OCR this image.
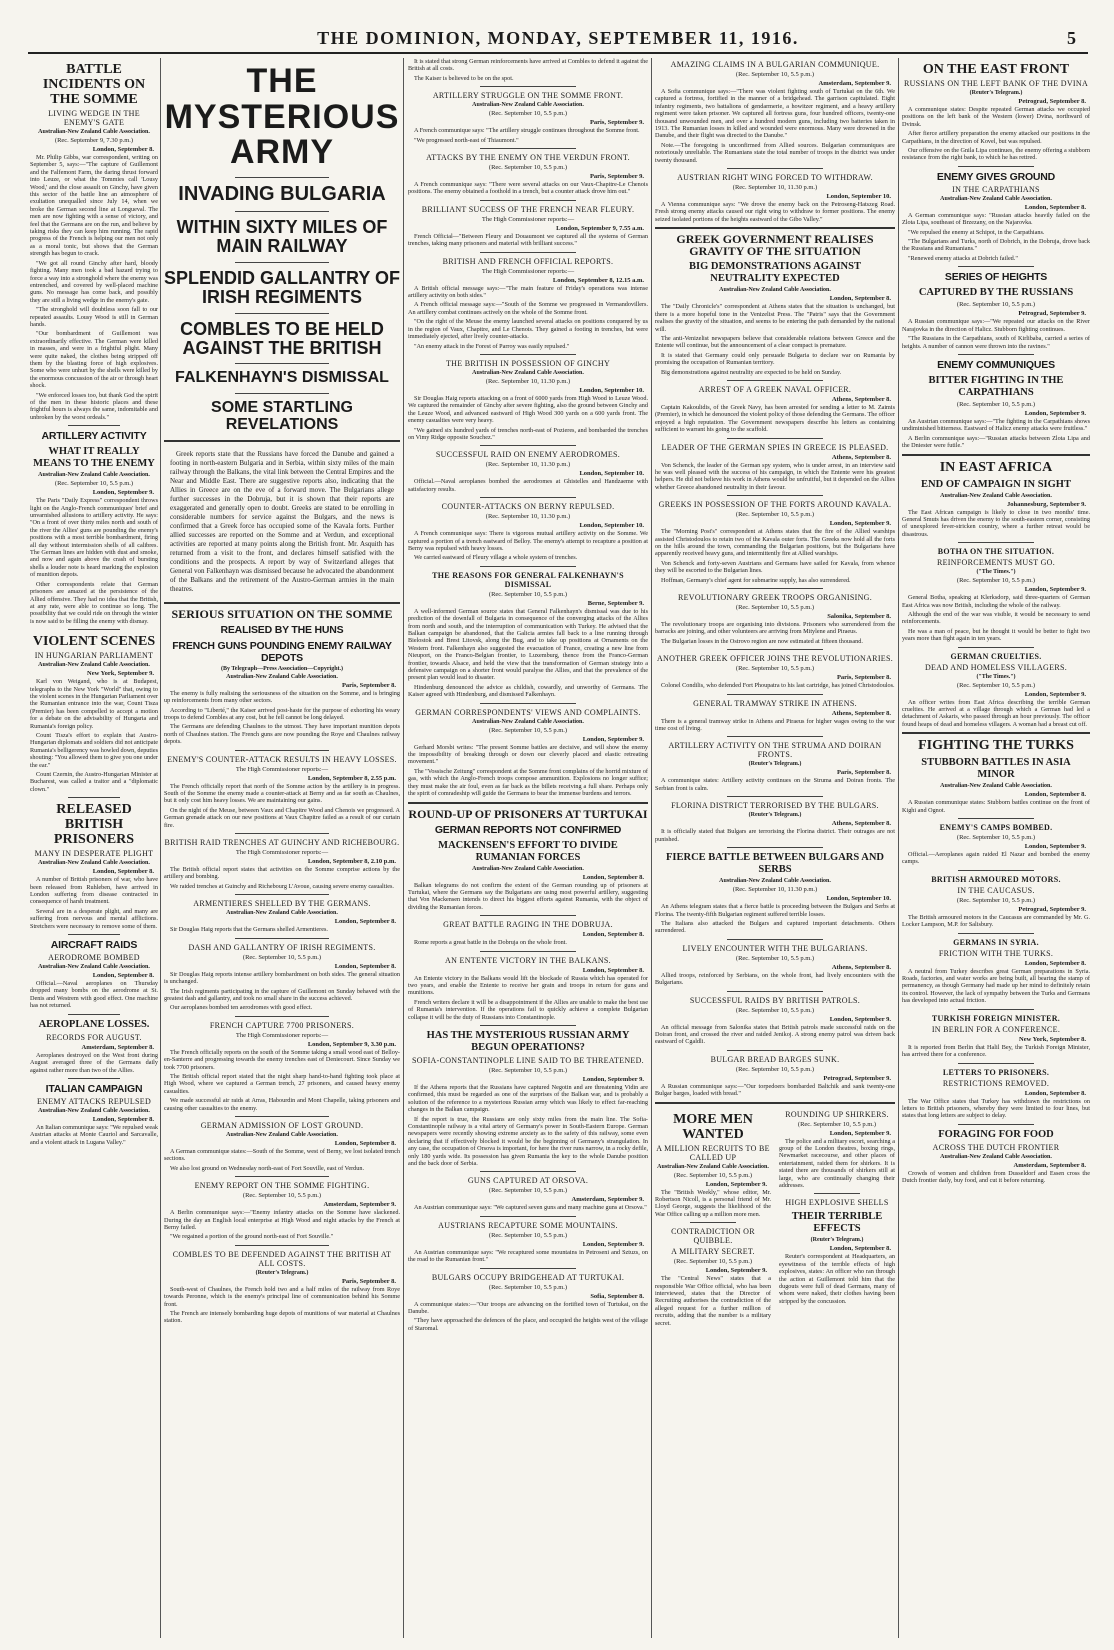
THE DOMINION, MONDAY, SEPTEMBER 11, 1916.	5
BATTLE INCIDENTS ON THE SOMME
LIVING WEDGE IN THE ENEMY'S GATE
Australian-New Zealand Cable Association.
(Rec. September 9, 7.30 p.m.)
London, September 8.

Mr. Philip Gibbs, war correspondent, writing on September 5, says:—"The capture of Guillemont and the Falfemont Farm, the daring thrust forward into Leuze, or what the Tommies call 'Lousy Wood,' and the close assault on Ginchy, have given this sector of the battle line an atmosphere of exultation unequalled since July 14, when we broke the German second line at Longueval. The men are now fighting with a sense of victory, and feel that the Germans are on the run, and believe by taking risks they can keep him running. The rapid progress of the French is helping our men not only as a moral tonic, but shows that the German strength has begun to crack.

"We got all round Ginchy after hard, bloody fighting. Many men took a bad hazard trying to force a way into a stronghold where the enemy was entrenched, and covered by well-placed machine guns. No message has come back, and possibly they are still a living wedge in the enemy's gate.

"The stronghold will doubtless soon fall to our repeated assaults. Lousy Wood is still in German hands.

"Our bombardment of Guillemont was extraordinarily effective. The German were killed in masses, and were in a frightful plight. Many were quite naked, the clothes being stripped off them by the blasting force of high explosives. Some who were unhurt by the shells were killed by the enormous concussion of the air or through heart shock.

"We enforced losses too, but thank God the spirit of the men in these historic places and these frightful hours is always the same, indomitable and unbroken by the worst ordeals."

ARTILLERY ACTIVITY
WHAT IT REALLY MEANS TO THE ENEMY
Australian-New Zealand Cable Association.
(Rec. September 10, 5.5 p.m.)
London, September 9.

The Paris "Daily Express" correspondent throws light on the Anglo-French communiques' brief and unvarnished allusions to artillery activity. He says: "On a front of over thirty miles north and south of the river the Allies' guns are pounding the enemy's positions with a most terrible bombardment, firing all day without intermission shells of all calibres. The German lines are hidden with dust and smoke, and now and again above the crash of bursting shells a louder note is heard marking the explosion of munition depots.

Other correspondents relate that German prisoners are amazed at the persistence of the Allied offensive. They had no idea that the British, at any rate, were able to continue so long. The possibility that we could ride on through the winter is now said to be filling the enemy with dismay.

VIOLENT SCENES
IN HUNGARIAN PARLIAMENT
Australian-New Zealand Cable Association.
New York, September 9.

Karl von Weigand, who is at Budapest, telegraphs to the New York "World" that, owing to the violent scenes in the Hungarian Parliament over the Rumanian entrance into the war, Count Tisza (Premier) has been compelled to accept a motion for a debate on the advisability of Hungaria and Rumania's foreign policy.

Count Tisza's effort to explain that Austro-Hungarian diplomats and soldiers did not anticipate Rumania's belligerency was howled down, deputies shouting: "You allowed them to give you one under the ear."

Count Czernin, the Austro-Hungarian Minister at Bucharest, was called a traitor and a "diplomatic clown."

RELEASED BRITISH PRISONERS
MANY IN DESPERATE PLIGHT
Australian-New Zealand Cable Association.
London, September 8.

A number of British prisoners of war, who have been released from Ruhleben, have arrived in London suffering from disease contracted in consequence of harsh treatment.

Several are in a desperate plight, and many are suffering from nervous and mental afflictions. Stretchers were necessary to remove some of them.

AIRCRAFT RAIDS
AERODROME BOMBED
Australian-New Zealand Cable Association.
London, September 8.

Official.—Naval aeroplanes on Thursday dropped many bombs on the aerodrome at St. Denis and Westrem with good effect. One machine has not returned.

AEROPLANE LOSSES.
RECORDS FOR AUGUST.
Amsterdam, September 8.

Aeroplanes destroyed on the West front during August averaged three of the Germans daily against rather more than two of the Allies.

ITALIAN CAMPAIGN
ENEMY ATTACKS REPULSED
Australian-New Zealand Cable Association.
London, September 8.

An Italian communique says: "We repulsed weak Austrian attacks at Monte Cauriol and Sarcavalle, and a violent attack in Lugana Valley."

THE MYSTERIOUS ARMY
INVADING BULGARIA
WITHIN SIXTY MILES OF MAIN RAILWAY
SPLENDID GALLANTRY OF IRISH REGIMENTS
COMBLES TO BE HELD AGAINST THE BRITISH
FALKENHAYN'S DISMISSAL
SOME STARTLING REVELATIONS

Greek reports state that the Russians have forced the Danube and gained a footing in north-eastern Bulgaria and in Serbia, within sixty miles of the main railway through the Balkans, the vital link between the Central Empires and the Near and Middle East. There are suggestive reports also, indicating that the Allies in Greece are on the eve of a forward move. The Bulgarians allege further successes in the Dobruja, but it is shown that their reports are exaggerated and generally open to doubt. Greeks are stated to be enrolling in considerable numbers for service against the Bulgars, and the news is confirmed that a Greek force has occupied some of the Kavala forts. Further allied successes are reported on the Somme and at Verdun, and exceptional activities are reported at many points along the British front. Mr. Asquith has returned from a visit to the front, and declares himself satisfied with the conditions and the prospects. A report by way of Switzerland alleges that General von Falkenhayn was dismissed because he advocated the abandonment of the Balkans and the retirement of the Austro-German armies in the main theatres.

SERIOUS SITUATION ON THE SOMME
REALISED BY THE HUNS
FRENCH GUNS POUNDING ENEMY RAILWAY DEPOTS
(By Telegraph—Press Association—Copyright.)
Australian-New Zealand Cable Association.
Paris, September 8.

The enemy is fully realising the seriousness of the situation on the Somme, and is bringing up reinforcements from many other sectors.

According to "Liberté," the Kaiser arrived post-haste for the purpose of exhorting his weary troops to defend Combles at any cost, but he fell cannot be long delayed.

The Germans are defending Chaulnes to the utmost. They have important munition depots north of Chaulnes station. The French guns are now pounding the Roye and Chaulnes railway depots.

ENEMY'S COUNTER-ATTACK RESULTS IN HEAVY LOSSES.
The High Commissioner reports:—
London, September 8, 2.55 p.m.

The French officially report that north of the Somme action by the artillery is in progress. South of the Somme the enemy made a counter-attack at Berny and as far south as Chaulnes, but it only cost him heavy losses. We are maintaining our gains.

On the night of the Meuse, between Vaux and Chapitre Wood and Chenois we progressed. A German grenade attack on our new positions at Vaux Chapitre failed as a result of our curtain fire.

BRITISH RAID TRENCHES AT GUINCHY AND RICHEBOURG.
The High Commissioner reports:—
London, September 8, 2.10 p.m.

The British official report states that activities on the Somme comprise actions by the artillery and bombing.

We raided trenches at Guinchy and Richebourg L'Avoue, causing severe enemy casualties.

ARMENTIERES SHELLED BY THE GERMANS.
Australian-New Zealand Cable Association.
London, September 8.

Sir Douglas Haig reports that the Germans shelled Armentieres.

DASH AND GALLANTRY OF IRISH REGIMENTS.
(Rec. September 10, 5.5 p.m.)
London, September 8.

Sir Douglas Haig reports intense artillery bombardment on both sides. The general situation is unchanged.

The Irish regiments participating in the capture of Guillemont on Sunday behaved with the greatest dash and gallantry, and took no small share in the success achieved.

Our aeroplanes bombed ten aerodromes with good effect.

FRENCH CAPTURE 7700 PRISONERS.
The High Commissioner reports:—
London, September 9, 3.30 p.m.

The French officially reports on the south of the Somme taking a small wood east of Belloy-en-Santerre and progressing towards the enemy trenches east of Deniecourt. Since Sunday we took 7700 prisoners.

The British official report stated that the night sharp hand-to-hand fighting took place at High Wood, where we captured a German trench, 27 prisoners, and caused heavy enemy casualties.

We made successful air raids at Arras, Habourdin and Mont Chapelle, taking prisoners and causing other casualties to the enemy.

GERMAN ADMISSION OF LOST GROUND.
Australian-New Zealand Cable Association.
London, September 8.

A German communique states:—South of the Somme, west of Berny, we lost isolated trench sections.

We also lost ground on Wednesday north-east of Fort Souville, east of Verdun.

ENEMY REPORT ON THE SOMME FIGHTING.
(Rec. September 10, 5.5 p.m.)
Amsterdam, September 9.

A Berlin communique says:—"Enemy infantry attacks on the Somme have slackened. During the day an English local enterprise at High Wood and night attacks by the French at Berny failed.

"We regained a portion of the ground north-east of Fort Souville."

COMBLES TO BE DEFENDED AGAINST THE BRITISH AT ALL COSTS.
(Reuter's Telegram.)
Paris, September 8.

South-west of Chaulnes, the French hold two and a half miles of the railway from Roye towards Peronne, which is the enemy's principal line of communication behind his Somme front.

The French are intensely bombarding huge depots of munitions of war material at Chaulnes station.

It is stated that strong German reinforcements have arrived at Combles to defend it against the British at all costs.

The Kaiser is believed to be on the spot.

ARTILLERY STRUGGLE ON THE SOMME FRONT.
Australian-New Zealand Cable Association.
(Rec. September 10, 5.5 p.m.)
Paris, September 9.

A French communique says: "The artillery struggle continues throughout the Somme front.

"We progressed north-east of Thiaumont."

ATTACKS BY THE ENEMY ON THE VERDUN FRONT.
(Rec. September 10, 5.5 p.m.)
Paris, September 9.

A French communique says: "There were several attacks on our Vaux-Chapitre-Le Chenois positions. The enemy obtained a foothold in a trench, but a counter attack drove him out."

BRILLIANT SUCCESS OF THE FRENCH NEAR FLEURY.
The High Commissioner reports:—
London, September 9, 7.55 a.m.

French Official—"Between Fleury and Douaumont we captured all the systems of German trenches, taking many prisoners and material with brilliant success."

BRITISH AND FRENCH OFFICIAL REPORTS.
The High Commissioner reports:—
London, September 8, 12.15 a.m.

A British official message says:—"The main feature of Friday's operations was intense artillery activity on both sides."

A French official message says:—"South of the Somme we progressed in Vermandovillers. An artillery combat continues actively on the whole of the Somme front.

"On the right of the Meuse the enemy launched several attacks on positions conquered by us in the region of Vaux, Chapitre, and Le Chenois. They gained a footing in trenches, but were immediately ejected, after lively counter-attacks.

"An enemy attack in the Forest of Parroy was easily repulsed."

THE BRITISH IN POSSESSION OF GINCHY
Australian-New Zealand Cable Association.
(Rec. September 10, 11.30 p.m.)
London, September 10.

Sir Douglas Haig reports attacking on a front of 6000 yards from High Wood to Leuze Wood. We captured the remainder of Ginchy after severe fighting, also the ground between Ginchy and the Leuze Wood, and advanced eastward of High Wood 300 yards on a 600 yards front. The enemy casualties were very heavy.

"We gained six hundred yards of trenches north-east of Pozieres, and bombarded the trenches on Vimy Ridge opposite Souchez."

SUCCESSFUL RAID ON ENEMY AERODROMES.
(Rec. September 10, 11.30 p.m.)
London, September 10.

Official.—Naval aeroplanes bombed the aerodromes at Ghistelles and Handzaeme with satisfactory results.

COUNTER-ATTACKS ON BERNY REPULSED.
(Rec. September 10, 11.30 p.m.)
London, September 10.

A French communique says: There is vigorous mutual artillery activity on the Somme. We captured a portion of a trench eastward of Belloy. The enemy's attempt to recapture a position at Berny was repulsed with heavy losses.

We carried eastward of Fleury village a whole system of trenches.

THE REASONS FOR GENERAL FALKENHAYN'S DISMISSAL
(Rec. September 10, 5.5 p.m.)
Berne, September 9.

A well-informed German source states that General Falkenhayn's dismissal was due to his prediction of the downfall of Bulgaria in consequence of the converging attacks of the Allies from north and south, and the interruption of communication with Turkey. He advised that the Balkan campaign be abandoned, that the Galicia armies fall back to a line running through Bielostok and Brest Litovsk, along the Bug, and to take up positions at Ornaments on the Western front. Falkenhayn also suggested the evacuation of France, creating a new line from Nieuport, on the Franco-Belgian frontier, to Luxemburg, thence from the Franco-German frontier, towards Alsace, and held the view that the transformation of German strategy into a defensive campaign on a shorter front would paralyse the Allies, and that the prevalence of the present plan would lead to disaster.

Hindenburg denounced the advice as childish, cowardly, and unworthy of Germans. The Kaiser agreed with Hindenburg, and dismissed Falkenhayn.

GERMAN CORRESPONDENTS' VIEWS AND COMPLAINTS.
Australian-New Zealand Cable Association.
(Rec. September 10, 5.5 p.m.)
London, September 9.

Gerhard Morsbi writes: "The present Somme battles are decisive, and will show the enemy the impossibility of breaking through or down our cleverly placed and elastic retreating movement."

The "Vossische Zeitung" correspondent at the Somme front complains of the horrid mixture of gas, with which the Anglo-French troops compose ammunition. Explosions no longer suffice; they must make the air foul, even as far back as the billets receiving a full share. Perhaps only the spirit of comradeship will guide the Germans to bear the immense burdens and terrors.

ROUND-UP OF PRISONERS AT TURTUKAI
GERMAN REPORTS NOT CONFIRMED
MACKENSEN'S EFFORT TO DIVIDE RUMANIAN FORCES
Australian-New Zealand Cable Association.
London, September 8.

Balkan telegrams do not confirm the extent of the German rounding up of prisoners at Turtukai, where the Germans say the Bulgarians are using most powerful artillery, suggesting that Von Mackensen intends to direct his biggest efforts against Rumania, with the object of dividing the Rumanian forces.

GREAT BATTLE RAGING IN THE DOBRUJA.
London, September 8.

Rome reports a great battle in the Dobruja on the whole front.

AN ENTENTE VICTORY IN THE BALKANS.
London, September 8.

An Entente victory in the Balkans would lift the blockade of Russia which has operated for two years, and enable the Entente to receive her grain and troops in return for guns and munitions.

French writers declare it will be a disappointment if the Allies are unable to make the best use of Rumania's intervention. If the operations fail to quickly achieve a complete Bulgarian collapse it will be the duty of Russians into Constantinople.

HAS THE MYSTERIOUS RUSSIAN ARMY BEGUN OPERATIONS?
SOFIA-CONSTANTINOPLE LINE SAID TO BE THREATENED.
(Rec. September 10, 5.5 p.m.)
London, September 9.

If the Athens reports that the Russians have captured Negotin and are threatening Vidin are confirmed, this must be regarded as one of the surprises of the Balkan war, and is probably a solution of the reference to a mysterious Russian army which was likely to effect far-reaching changes in the Balkan campaign.

If the report is true, the Russians are only sixty miles from the main line. The Sofia-Constantinople railway is a vital artery of Germany's power in South-Eastern Europe. German newspapers were recently showing extreme anxiety as to the safety of this railway, some even declaring that if effectively blocked it would be the beginning of Germany's strangulation. In any case, the occupation of Orsova is important, for here the river runs narrow, in a rocky defile, only 180 yards wide. Its possession has given Rumania the key to the whole Danube position and the back door of Serbia.

GUNS CAPTURED AT ORSOVA.
(Rec. September 10, 5.5 p.m.)
Amsterdam, September 9.

An Austrian communique says: "We captured seven guns and many machine guns at Orsova."

AUSTRIANS RECAPTURE SOME MOUNTAINS.
(Rec. September 10, 5.5 p.m.)
London, September 9.

An Austrian communique says: "We recaptured some mountains in Petroseni and Sztuzs, on the road to the Rumanian front."

BULGARS OCCUPY BRIDGEHEAD AT TURTUKAI.
(Rec. September 10, 5.5 p.m.)
Sofia, September 8.

A communique states:—"Our troops are advancing on the fortified town of Turtukai, on the Danube.

"They have approached the defences of the place, and occupied the heights west of the village of Staromal.

AMAZING CLAIMS IN A BULGARIAN COMMUNIQUE.
(Rec. September 10, 5.5 p.m.)
Amsterdam, September 9.

A Sofia communique says:—"There was violent fighting south of Turtukai on the 6th. We captured a fortress, fortified in the manner of a bridgehead. The garrison capitulated. Eight infantry regiments, two battalions of gendarmerie, a howitzer regiment, and a heavy artillery regiment were taken prisoner. We captured all fortress guns, four hundred officers, twenty-one thousand unwounded men, and over a hundred modern guns, including two batteries taken in 1913. The Rumanian losses in killed and wounded were enormous. Many were drowned in the Danube, and their flight was directed to the Danube."

Note.—The foregoing is unconfirmed from Allied sources. Bulgarian communiques are notoriously unreliable. The Rumanians state the total number of troops in the district was under twenty thousand.

AUSTRIAN RIGHT WING FORCED TO WITHDRAW.
(Rec. September 10, 11.30 p.m.)
London, September 10.

A Vienna communique says: "We drove the enemy back on the Petroseng-Hatszeg Road. Fresh strong enemy attacks caused our right wing to withdraw to former positions. The enemy seized isolated portions of the heights eastward of the Gibo Valley."

GREEK GOVERNMENT REALISES GRAVITY OF THE SITUATION
BIG DEMONSTRATIONS AGAINST NEUTRALITY EXPECTED
Australian-New Zealand Cable Association.
London, September 8.

The "Daily Chronicle's" correspondent at Athens states that the situation is unchanged, but there is a more hopeful tone in the Venizelist Press. The "Patris" says that the Government realises the gravity of the situation, and seems to be entering the path demanded by the national will.

The anti-Venizelist newspapers believe that considerable relations between Greece and the Entente will continue, but the announcement of a clear compact is premature.

It is stated that Germany could only persuade Bulgaria to declare war on Rumania by promising the occupation of Rumanian territory.

Big demonstrations against neutrality are expected to be held on Sunday.

ARREST OF A GREEK NAVAL OFFICER.
Athens, September 8.

Captain Kakoulidis, of the Greek Navy, has been arrested for sending a letter to M. Zaimis (Premier), in which he denounced the violent policy of those defending the Germans. The officer enjoyed a high reputation. The Government newspapers describe his letters as containing sufficient to warrant his going to the scaffold.

LEADER OF THE GERMAN SPIES IN GREECE IS PLEASED.
Athens, September 8.

Von Schenck, the leader of the German spy system, who is under arrest, in an interview said he was well pleased with the success of his campaign, in which the Entente were his greatest helpers. He did not believe his work in Athens would be unfruitful, but it depended on the Allies whether Greece abandoned neutrality in their favour.

GREEKS IN POSSESSION OF THE FORTS AROUND KAVALA.
(Rec. September 10, 5.5 p.m.)
London, September 9.

The "Morning Post's" correspondent at Athens states that the fire of the Allied warships assisted Christodoulos to retain two of the Kavala outer forts. The Greeks now hold all the forts on the hills around the town, commanding the Bulgarian positions, but the Bulgarians have apparently received heavy guns, and intermittently fire at Allied warships.

Von Schenck and forty-seven Austrians and Germans have sailed for Kavala, from whence they will be escorted to the Bulgarian lines.

Hoffman, Germany's chief agent for submarine supply, has also surrendered.

REVOLUTIONARY GREEK TROOPS ORGANISING.
(Rec. September 10, 5.5 p.m.)
Salonika, September 8.

The revolutionary troops are organising into divisions. Prisoners who surrendered from the barracks are joining, and other volunteers are arriving from Mitylene and Piraeus.

The Bulgarian losses in the Ostrovo region are now estimated at fifteen thousand.

ANOTHER GREEK OFFICER JOINS THE REVOLUTIONARIES.
(Rec. September 10, 5.5 p.m.)
Paris, September 8.

Colonel Condilis, who defended Fort Phoupatra to his last cartridge, has joined Christodoulos.

GENERAL TRAMWAY STRIKE IN ATHENS.
Athens, September 8.

There is a general tramway strike in Athens and Piraeus for higher wages owing to the war time cost of living.

ARTILLERY ACTIVITY ON THE STRUMA AND DOIRAN FRONTS.
(Reuter's Telegram.)
Paris, September 8.

A communique states: Artillery activity continues on the Struma and Doiran fronts. The Serbian front is calm.

FLORINA DISTRICT TERRORISED BY THE BULGARS.
(Reuter's Telegram.)
Athens, September 8.

It is officially stated that Bulgars are terrorising the Florina district. Their outrages are not punished.

FIERCE BATTLE BETWEEN BULGARS AND SERBS
Australian-New Zealand Cable Association.
(Rec. September 10, 11.30 p.m.)
London, September 10.

An Athens telegram states that a fierce battle is proceeding between the Bulgars and Serbs at Florina. The twenty-fifth Bulgarian regiment suffered terrible losses.

The Italians also attacked the Bulgars and captured important detachments. Others surrendered.

LIVELY ENCOUNTER WITH THE BULGARIANS.
(Rec. September 10, 5.5 p.m.)
Athens, September 8.

Allied troops, reinforced by Serbians, on the whole front, had lively encounters with the Bulgarians.

SUCCESSFUL RAIDS BY BRITISH PATROLS.
(Rec. September 10, 5.5 p.m.)
London, September 9.

An official message from Salonika states that British patrols made successful raids on the Doiran front, and crossed the river and raided Jenikoj. A strong enemy patrol was driven back eastward of Cgaldli.

BULGAR BREAD BARGES SUNK.
(Rec. September 10, 5.5 p.m.)
Petrograd, September 9.

A Russian communique says:—"Our torpedoers bombarded Baltchik and sank twenty-one Bulgar barges, loaded with bread."

MORE MEN WANTED
A MILLION RECRUITS TO BE CALLED UP
Australian-New Zealand Cable Association.
(Rec. September 10, 5.5 p.m.)
London, September 9.

The "British Weekly," whose editor, Mr. Robertson Nicoll, is a personal friend of Mr. Lloyd George, suggests the likelihood of the War Office calling up a million more men.

CONTRADICTION OR QUIBBLE.
A MILITARY SECRET.
(Rec. September 10, 5.5 p.m.)
London, September 9.

The "Central News" states that a responsible War Office official, who has been interviewed, states that the Director of Recruiting authorises the contradiction of the alleged request for a further million of recruits, adding that the number is a military secret.

ROUNDING UP SHIRKERS.
(Rec. September 10, 5.5 p.m.)
London, September 9.

The police and a military escort, searching a group of the London theatres, boxing rings, Newmarket racecourse, and other places of entertainment, raided them for shirkers. It is stated there are thousands of shirkers still at large, who are continually changing their addresses.

HIGH EXPLOSIVE SHELLS
THEIR TERRIBLE EFFECTS
(Reuter's Telegram.)
London, September 8.

Reuter's correspondent at Headquarters, an eyewitness of the terrible effects of high explosives, states: An officer who ran through the action at Guillemont told him that the dugouts were full of dead Germans, many of whom were naked, their clothes having been stripped by the concussion.

ON THE EAST FRONT
RUSSIANS ON THE LEFT BANK OF THE DVINA
(Reuter's Telegram.)
Petrograd, September 8.

A communique states: Despite repeated German attacks we occupied positions on the left bank of the Western (lower) Dvina, northward of Dvinsk.

After fierce artillery preparation the enemy attacked our positions in the Carpathians, in the direction of Kovel, but was repulsed.

Our offensive on the Gnila Lipa continues, the enemy offering a stubborn resistance from the right bank, to which he has retired.

ENEMY GIVES GROUND
IN THE CARPATHIANS
Australian-New Zealand Cable Association.
London, September 8.

A German communique says: "Russian attacks heavily failed on the Zlota Lipa, southeast of Brzezany, on the Najarovka.

"We repulsed the enemy at Schipot, in the Carpathians.

"The Bulgarians and Turks, north of Dobrich, in the Dobruja, drove back the Russians and Rumanians."

"Renewed enemy attacks at Dobrich failed."

SERIES OF HEIGHTS
CAPTURED BY THE RUSSIANS
(Rec. September 10, 5.5 p.m.)
Petrograd, September 9.

A Russian communique says:—"We repeated our attacks on the River Narajovka in the direction of Halicz. Stubborn fighting continues.

"The Russians in the Carpathians, south of Kirlibaba, carried a series of heights. A number of cannon were thrown into the ravines."

ENEMY COMMUNIQUES
BITTER FIGHTING IN THE CARPATHIANS
(Rec. September 10, 5.5 p.m.)
London, September 9.

An Austrian communique says:—"The fighting in the Carpathians shows undiminished bitterness. Eastward of Halicz enemy attacks were fruitless."

A Berlin communique says:—"Russian attacks between Zlota Lipa and the Dniester were futile."

IN EAST AFRICA
END OF CAMPAIGN IN SIGHT
Australian-New Zealand Cable Association.
Johannesburg, September 9.

The East African campaign is likely to close in two months' time. General Smuts has driven the enemy to the south-eastern corner, consisting of unexplored fever-stricken country, where a further retreat would be disastrous.

BOTHA ON THE SITUATION.
REINFORCEMENTS MUST GO.
("The Times.")
(Rec. September 10, 5.5 p.m.)
London, September 9.

General Botha, speaking at Klerksdorp, said three-quarters of German East Africa was now British, including the whole of the railway.

Although the end of the war was visible, it would be necessary to send reinforcements.

He was a man of peace, but he thought it would be better to fight two years more than fight again in ten years.

GERMAN CRUELTIES.
DEAD AND HOMELESS VILLAGERS.
("The Times.")
(Rec. September 10, 5.5 p.m.)
London, September 9.

An officer writes from East Africa describing the terrible German cruelties. He arrived at a village through which a German had led a detachment of Askaris, who passed through an hour previously. The officer found heaps of dead and homeless villagers. A woman had a breast cut off.

FIGHTING THE TURKS
STUBBORN BATTLES IN ASIA MINOR
Australian-New Zealand Cable Association.
London, September 8.

A Russian communique states: Stubborn battles continue on the front of Kighi and Ognot.

ENEMY'S CAMPS BOMBED.
(Rec. September 10, 5.5 p.m.)
London, September 9.

Official.—Aeroplanes again raided El Nazar and bombed the enemy camps.

BRITISH ARMOURED MOTORS.
IN THE CAUCASUS.
(Rec. September 10, 5.5 p.m.)
Petrograd, September 9.

The British armoured motors in the Caucasus are commanded by Mr. G. Locker Lampson, M.P. for Salisbury.

GERMANS IN SYRIA.
FRICTION WITH THE TURKS.
London, September 8.

A neutral from Turkey describes great German preparations in Syria. Roads, factories, and water works are being built, all bearing the stamp of permanency, as though Germany had made up her mind to definitely retain its control. However, the lack of sympathy between the Turks and Germans has developed into actual friction.

TURKISH FOREIGN MINISTER.
IN BERLIN FOR A CONFERENCE.
New York, September 8.

It is reported from Berlin that Halil Bey, the Turkish Foreign Minister, has arrived there for a conference.

LETTERS TO PRISONERS.
RESTRICTIONS REMOVED.
London, September 8.

The War Office states that Turkey has withdrawn the restrictions on letters to British prisoners, whereby they were limited to four lines, but states that long letters are subject to delay.

FORAGING FOR FOOD
ACROSS THE DUTCH FRONTIER
Australian-New Zealand Cable Association.
Amsterdam, September 8.

Crowds of women and children from Dusseldorf and Essen cross the Dutch frontier daily, buy food, and cut it before returning.
